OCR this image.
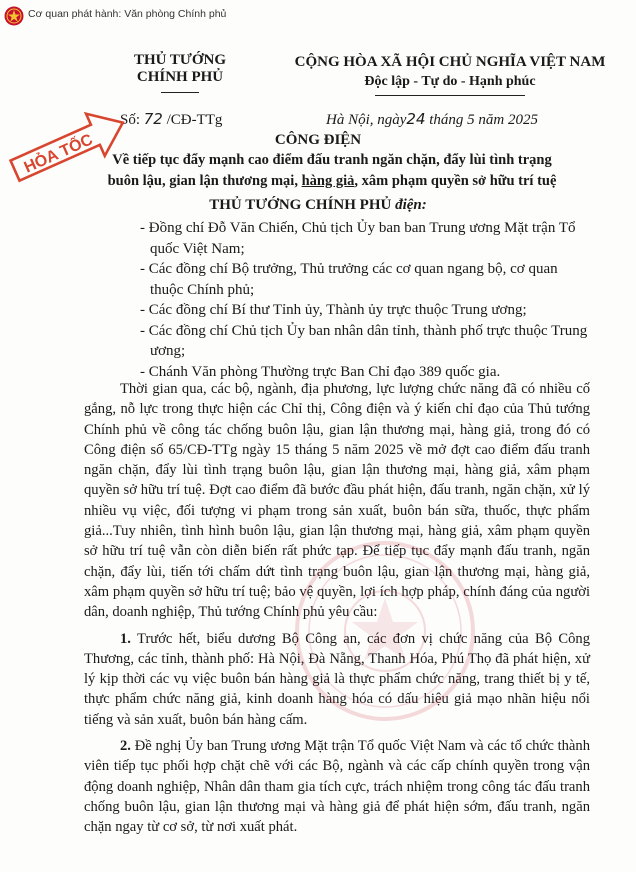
Cơ quan phát hành: Văn phòng Chính phủ
THỦ TƯỚNG CHÍNH PHỦ
CỘNG HÒA XÃ HỘI CHỦ NGHĨA VIỆT NAM
Độc lập - Tự do - Hạnh phúc
Số: 72 /CĐ-TTg	Hà Nội, ngày24 tháng 5 năm 2025
HỎA TỐC	CÔNG ĐIỆN
Về tiếp tục đẩy mạnh cao điểm đấu tranh ngăn chặn, đẩy lùi tình trạng
buôn lậu, gian lận thương mại, hàng giả, xâm phạm quyền sở hữu trí tuệ
THỦ TƯỚNG CHÍNH PHỦ điện:
- Đồng chí Đỗ Văn Chiến, Chủ tịch Ủy ban ban Trung ương Mặt trận Tổ quốc Việt Nam;
- Các đồng chí Bộ trưởng, Thủ trưởng các cơ quan ngang bộ, cơ quan thuộc Chính phủ;
- Các đồng chí Bí thư Tỉnh ủy, Thành ủy trực thuộc Trung ương;
- Các đồng chí Chủ tịch Ủy ban nhân dân tỉnh, thành phố trực thuộc Trung ương;
- Chánh Văn phòng Thường trực Ban Chỉ đạo 389 quốc gia.

Thời gian qua, các bộ, ngành, địa phương, lực lượng chức năng đã có nhiều cố gắng, nỗ lực trong thực hiện các Chỉ thị, Công điện và ý kiến chỉ đạo của Thủ tướng Chính phủ về công tác chống buôn lậu, gian lận thương mại, hàng giả, trong đó có Công điện số 65/CĐ-TTg ngày 15 tháng 5 năm 2025 về mở đợt cao điểm đấu tranh ngăn chặn, đẩy lùi tình trạng buôn lậu, gian lận thương mại, hàng giả, xâm phạm quyền sở hữu trí tuệ. Đợt cao điểm đã bước đầu phát hiện, đấu tranh, ngăn chặn, xử lý nhiều vụ việc, đối tượng vi phạm trong sản xuất, buôn bán sữa, thuốc, thực phẩm giả...Tuy nhiên, tình hình buôn lậu, gian lận thương mại, hàng giả, xâm phạm quyền sở hữu trí tuệ vẫn còn diễn biến rất phức tạp. Để tiếp tục đẩy mạnh đấu tranh, ngăn chặn, đẩy lùi, tiến tới chấm dứt tình trạng buôn lậu, gian lận thương mại, hàng giả, xâm phạm quyền sở hữu trí tuệ; bảo vệ quyền, lợi ích hợp pháp, chính đáng của người dân, doanh nghiệp, Thủ tướng Chính phủ yêu cầu:

1. Trước hết, biểu dương Bộ Công an, các đơn vị chức năng của Bộ Công Thương, các tỉnh, thành phố: Hà Nội, Đà Nẵng, Thanh Hóa, Phú Thọ đã phát hiện, xử lý kịp thời các vụ việc buôn bán hàng giả là thực phẩm chức năng, trang thiết bị y tế, thực phẩm chức năng giả, kinh doanh hàng hóa có dấu hiệu giả mạo nhãn hiệu nổi tiếng và sản xuất, buôn bán hàng cấm.

2. Đề nghị Ủy ban Trung ương Mặt trận Tổ quốc Việt Nam và các tổ chức thành viên tiếp tục phối hợp chặt chẽ với các Bộ, ngành và các cấp chính quyền trong vận động doanh nghiệp, Nhân dân tham gia tích cực, trách nhiệm trong công tác đấu tranh chống buôn lậu, gian lận thương mại và hàng giả để phát hiện sớm, đấu tranh, ngăn chặn ngay từ cơ sở, từ nơi xuất phát.
